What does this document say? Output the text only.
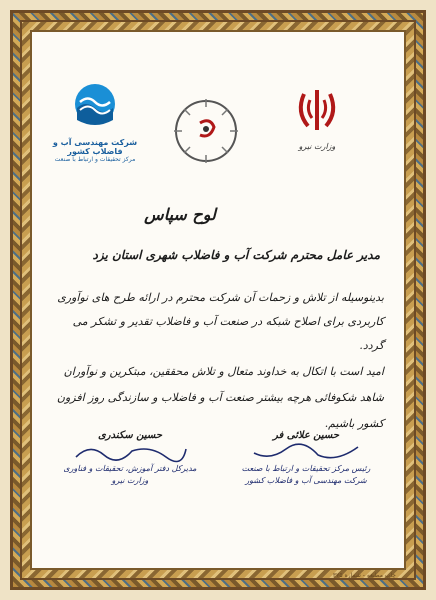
شرکت مهندسی آب و فاضلاب کشور
مرکز تحقیقات و ارتباط با صنعت
وزارت نیرو
لوح سپاس
مدیر عامل محترم شرکت آب و فاضلاب شهری استان یزد
بدینوسیله از تلاش و زحمات آن شرکت محترم در ارائه طرح های نوآوری کاربردی برای اصلاح شبکه در صنعت آب و فاضلاب تقدیر و تشکر می گردد.
امید است با اتکال به خداوند متعال و تلاش محققین، مبتکرین و نوآوران شاهد شکوفائی هرچه بیشتر صنعت آب و فاضلاب و سازندگی روز افزون کشور باشیم.
حسین سکندری
مدیرکل دفتر آموزش، تحقیقات و فناوری
وزارت نیرو
حسین علائی فر
رئیس مرکز تحقیقات و ارتباط با صنعت
شرکت مهندسی آب و فاضلاب کشور
چاپ مطبعه - شماره ۳۷۵
